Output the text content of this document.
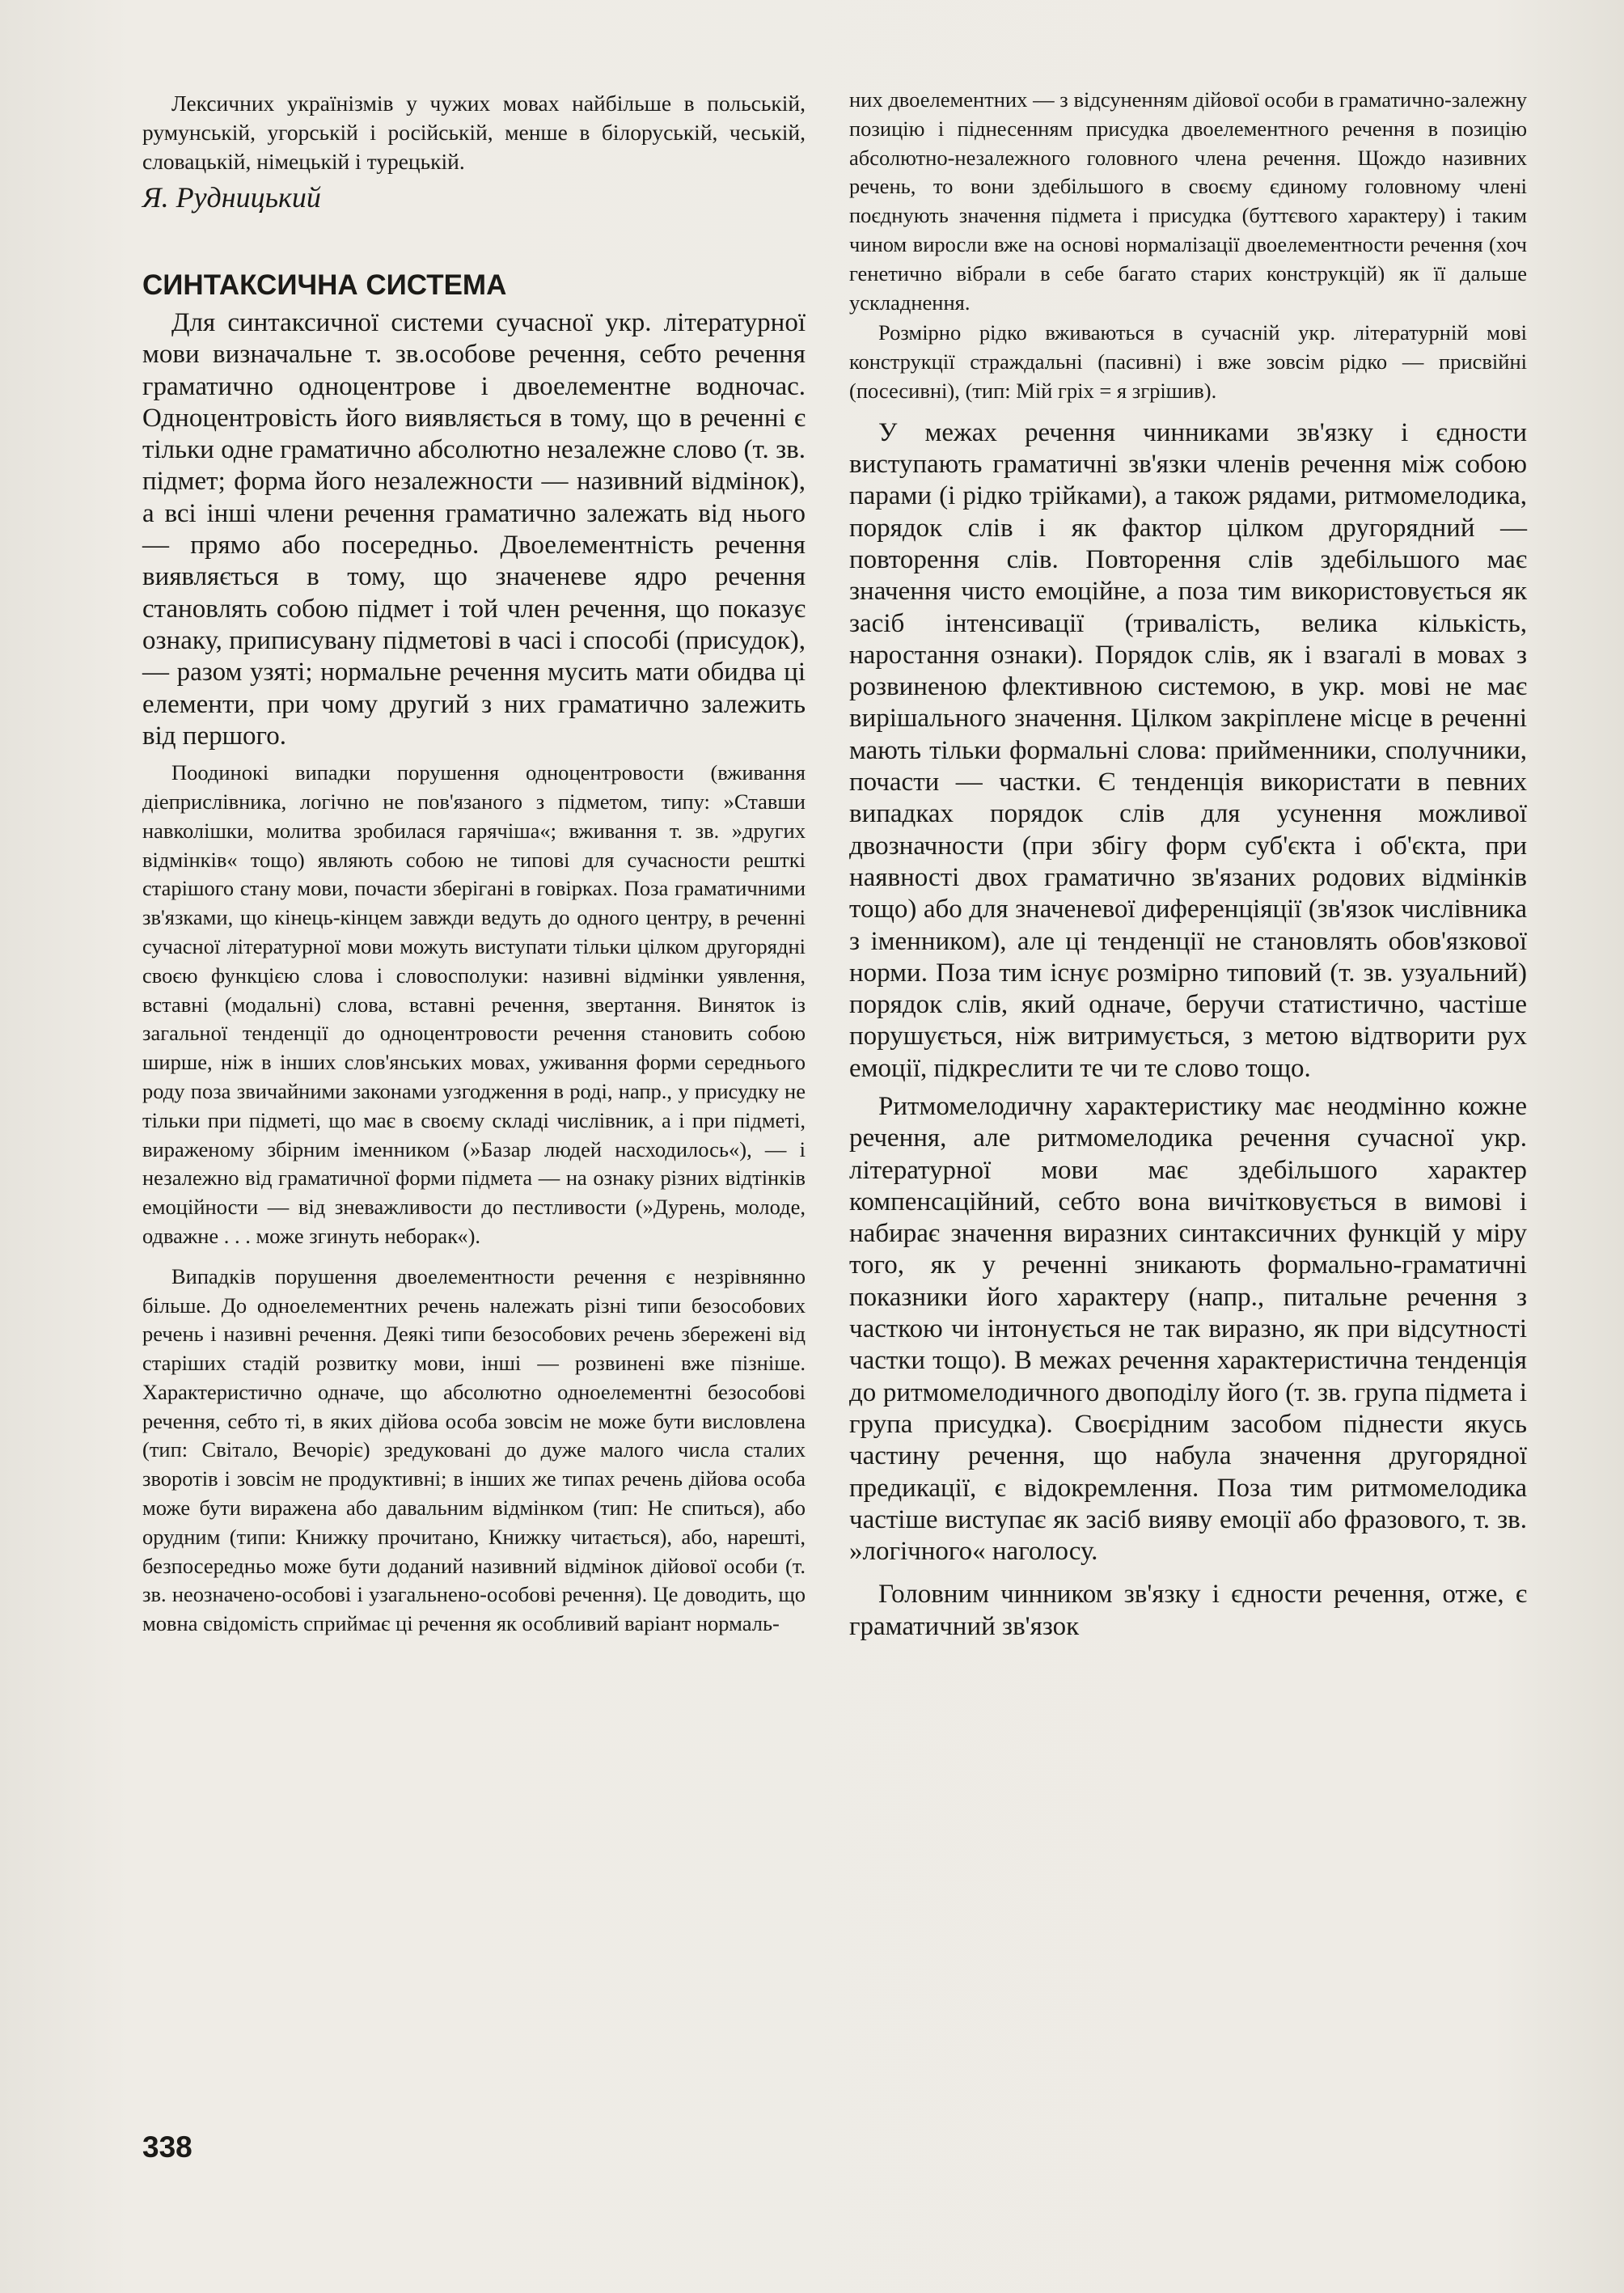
Лексичних українізмів у чужих мовах найбільше в польській, румунській, угорській і російській, менше в білоруській, чеській, словацькій, німецькій і турецькій.

Я. Рудницький

СИНТАКСИЧНА СИСТЕМА

Для синтаксичної системи сучасної укр. літературної мови визначальне т. зв.особове речення, себто речення граматично одноцентрове і двоелементне водночас. Одноцентровість його виявляється в тому, що в реченні є тільки одне граматично абсолютно незалежне слово (т. зв. підмет; форма його незалежности — називний відмінок), а всі інші члени речення граматично залежать від нього — прямо або посередньо. Двоелементність речення виявляється в тому, що значеневе ядро речення становлять собою підмет і той член речення, що показує ознаку, приписувану підметові в часі і способі (присудок), — разом узяті; нормальне речення мусить мати обидва ці елементи, при чому другий з них граматично залежить від першого.

Поодинокі випадки порушення одноцентровости (вживання діеприслівника, логічно не пов'язаного з підметом, типу: »Ставши навколішки, молитва зробилася гарячіша«; вживання т. зв. »других відмінків« тощо) являють собою не типові для сучасности решткі старішого стану мови, почасти зберігані в говірках. Поза граматичними зв'язками, що кінець-кінцем завжди ведуть до одного центру, в реченні сучасної літературної мови можуть виступати тільки цілком другорядні своєю функцією слова і словосполуки: називні відмінки уявлення, вставні (модальні) слова, вставні речення, звертання. Виняток із загальної тенденції до одноцентровости речення становить собою ширше, ніж в інших слов'янських мовах, уживання форми середнього роду поза звичайними законами узгодження в роді, напр., у присудку не тільки при підметі, що має в своєму складі числівник, а і при підметі, вираженому збірним іменником (»Базар людей насходилось«), — і незалежно від граматичної форми підмета — на ознаку різних відтінків емоційности — від зневажливости до пестливости (»Дурень, молоде, одважне . . . може згинуть неборак«).

Випадків порушення двоелементности речення є незрівнянно більше. До одноелементних речень належать різні типи безособових речень і називні речення. Деякі типи безособових речень збережені від старіших стадій розвитку мови, інші — розвинені вже пізніше. Характеристично одначе, що абсолютно одноелементні безособові речення, себто ті, в яких дійова особа зовсім не може бути висловлена (тип: Світало, Вечоріє) зредуковані до дуже малого числа сталих зворотів і зовсім не продуктивні; в інших же типах речень дійова особа може бути виражена або давальним відмінком (тип: Не спиться), або орудним (типи: Книжку прочитано, Книжку читається), або, нарешті, безпосередньо може бути доданий називний відмінок дійової особи (т. зв. неозначено-особові і узагальнено-особові речення). Це доводить, що мовна свідомість сприймає ці речення як особливий варіант нормаль-

них двоелементних — з відсуненням дійової особи в граматично-залежну позицію і піднесенням присудка двоелементного речення в позицію абсолютно-незалежного головного члена речення. Щождо називних речень, то вони здебільшого в своєму єдиному головному члені поєднують значення підмета і присудка (буттєвого характеру) і таким чином виросли вже на основі нормалізації двоелементности речення (хоч генетично вібрали в себе багато старих конструкцій) як її дальше ускладнення.

Розмірно рідко вживаються в сучасній укр. літературній мові конструкції страждальні (пасивні) і вже зовсім рідко — присвійні (посесивні), (тип: Мій гріх = я згрішив).

У межах речення чинниками зв'язку і єдности виступають граматичні зв'язки членів речення між собою парами (і рідко трійками), а також рядами, ритмомелодика, порядок слів і як фактор цілком другорядний — повторення слів. Повторення слів здебільшого має значення чисто емоційне, а поза тим використовується як засіб інтенсивації (тривалість, велика кількість, наростання ознаки). Порядок слів, як і взагалі в мовах з розвиненою флективною системою, в укр. мові не має вирішального значення. Цілком закріплене місце в реченні мають тільки формальні слова: прийменники, сполучники, почасти — частки. Є тенденція використати в певних випадках порядок слів для усунення можливої двозначности (при збігу форм суб'єкта і об'єкта, при наявності двох граматично зв'язаних родових відмінків тощо) або для значеневої диференціяції (зв'язок числівника з іменником), але ці тенденції не становлять обов'язкової норми. Поза тим існує розмірно типовий (т. зв. узуальний) порядок слів, який одначе, беручи статистично, частіше порушується, ніж витримується, з метою відтворити рух емоції, підкреслити те чи те слово тощо.

Ритмомелодичну характеристику має неодмінно кожне речення, але ритмомелодика речення сучасної укр. літературної мови має здебільшого характер компенсаційний, себто вона вичітковується в вимові і набирає значення виразних синтаксичних функцій у міру того, як у реченні зникають формально-граматичні показники його характеру (напр., питальне речення з часткою чи інтонується не так виразно, як при відсутності частки тощо). В межах речення характеристична тенденція до ритмомелодичного двоподілу його (т. зв. група підмета і група присудка). Своєрідним засобом піднести якусь частину речення, що набула значення другорядної предикації, є відокремлення. Поза тим ритмомелодика частіше виступає як засіб вияву емоції або фразового, т. зв. »логічного« наголосу.

Головним чинником зв'язку і єдности речення, отже, є граматичний зв'язок

338
